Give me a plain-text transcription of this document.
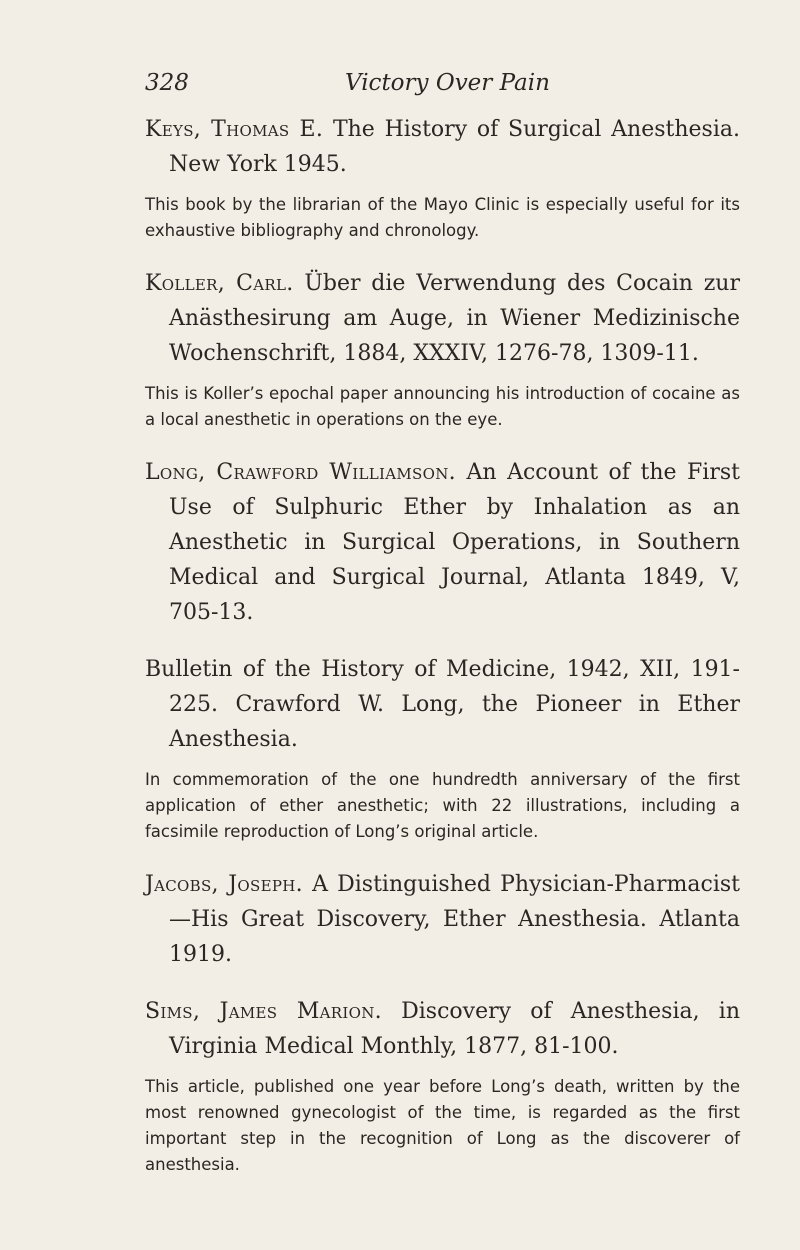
328	Victory Over Pain
Keys, Thomas E. The History of Surgical Anesthesia. New York 1945.
This book by the librarian of the Mayo Clinic is especially useful for its exhaustive bibliography and chronology.
Koller, Carl. Über die Verwendung des Cocain zur Anästhesirung am Auge, in Wiener Medizinische Wochenschrift, 1884, XXXIV, 1276-78, 1309-11.
This is Koller’s epochal paper announcing his introduction of cocaine as a local anesthetic in operations on the eye.
Long, Crawford Williamson. An Account of the First Use of Sulphuric Ether by Inhalation as an Anesthetic in Surgical Operations, in Southern Medical and Surgical Journal, Atlanta 1849, V, 705-13.
Bulletin of the History of Medicine, 1942, XII, 191-225. Crawford W. Long, the Pioneer in Ether Anesthesia.
In commemoration of the one hundredth anniversary of the first application of ether anesthetic; with 22 illustrations, including a facsimile reproduction of Long’s original article.
Jacobs, Joseph. A Distinguished Physician-Pharmacist—His Great Discovery, Ether Anesthesia. Atlanta 1919.
Sims, James Marion. Discovery of Anesthesia, in Virginia Medical Monthly, 1877, 81-100.
This article, published one year before Long’s death, written by the most renowned gynecologist of the time, is regarded as the first important step in the recognition of Long as the discoverer of anesthesia.
